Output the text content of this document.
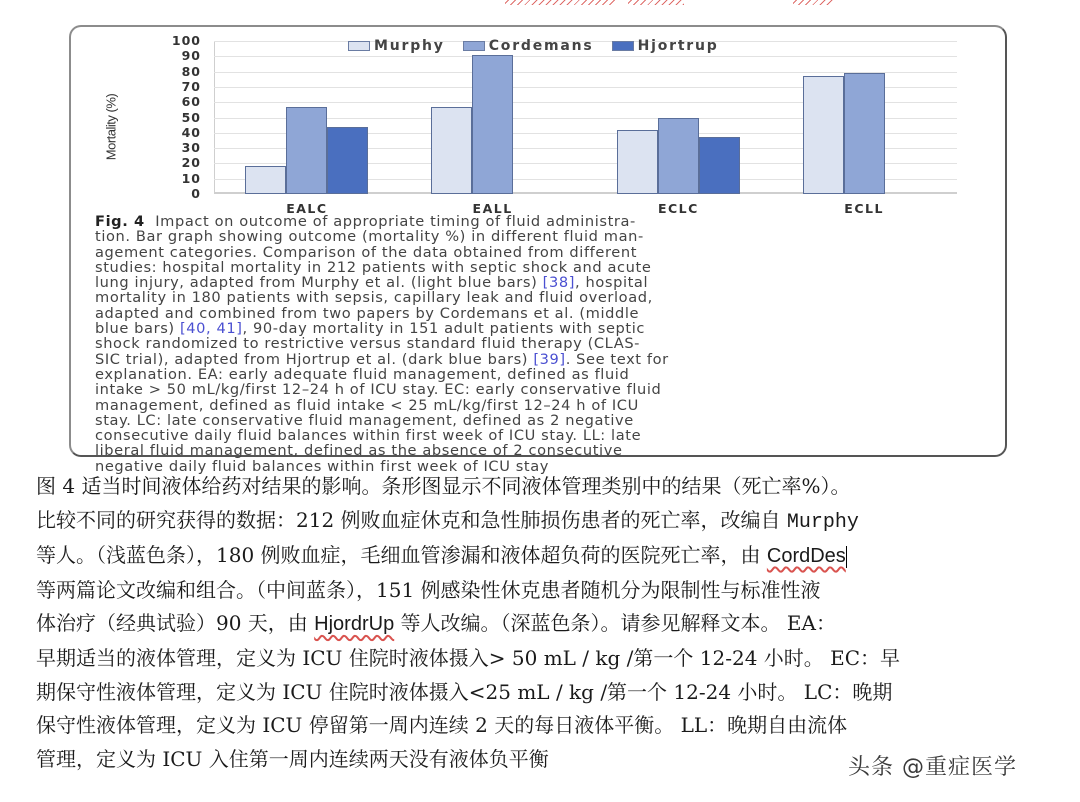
Mortality (%)
0
10
20
30
40
50
60
70
80
90
100
EALC	EALL	ECLC	ECLL
Murphy	Cordemans	Hjortrup
Fig. 4 Impact on outcome of appropriate timing of fluid administra-
tion. Bar graph showing outcome (mortality %) in different fluid man-
agement categories. Comparison of the data obtained from different
studies: hospital mortality in 212 patients with septic shock and acute
lung injury, adapted from Murphy et al. (light blue bars) [38], hospital
mortality in 180 patients with sepsis, capillary leak and fluid overload,
adapted and combined from two papers by Cordemans et al. (middle
blue bars) [40, 41], 90-day mortality in 151 adult patients with septic
shock randomized to restrictive versus standard fluid therapy (CLAS-
SIC trial), adapted from Hjortrup et al. (dark blue bars) [39]. See text for
explanation. EA: early adequate fluid management, defined as fluid
intake > 50 mL/kg/first 12–24 h of ICU stay. EC: early conservative fluid
management, defined as fluid intake < 25 mL/kg/first 12–24 h of ICU
stay. LC: late conservative fluid management, defined as 2 negative
consecutive daily fluid balances within first week of ICU stay. LL: late
liberal fluid management, defined as the absence of 2 consecutive
negative daily fluid balances within first week of ICU stay
图 4 适当时间液体给药对结果的影响。条形图显示不同液体管理类别中的结果（死亡率%）。
比较不同的研究获得的数据：212 例败血症休克和急性肺损伤患者的死亡率，改编自 Murphy
等人。（浅蓝色条），180 例败血症，毛细血管渗漏和液体超负荷的医院死亡率，由 CordDes
等两篇论文改编和组合。（中间蓝条），151 例感染性休克患者随机分为限制性与标准性液
体治疗（经典试验）90 天，由 HjordrUp 等人改编。（深蓝色条）。请参见解释文本。 EA：
早期适当的液体管理，定义为 ICU 住院时液体摄入> 50 mL / kg /第一个 12-24 小时。 EC：早
期保守性液体管理，定义为 ICU 住院时液体摄入<25 mL / kg /第一个 12-24 小时。 LC：晚期
保守性液体管理，定义为 ICU 停留第一周内连续 2 天的每日液体平衡。 LL：晚期自由流体
管理，定义为 ICU 入住第一周内连续两天没有液体负平衡	头条 @重症医学
